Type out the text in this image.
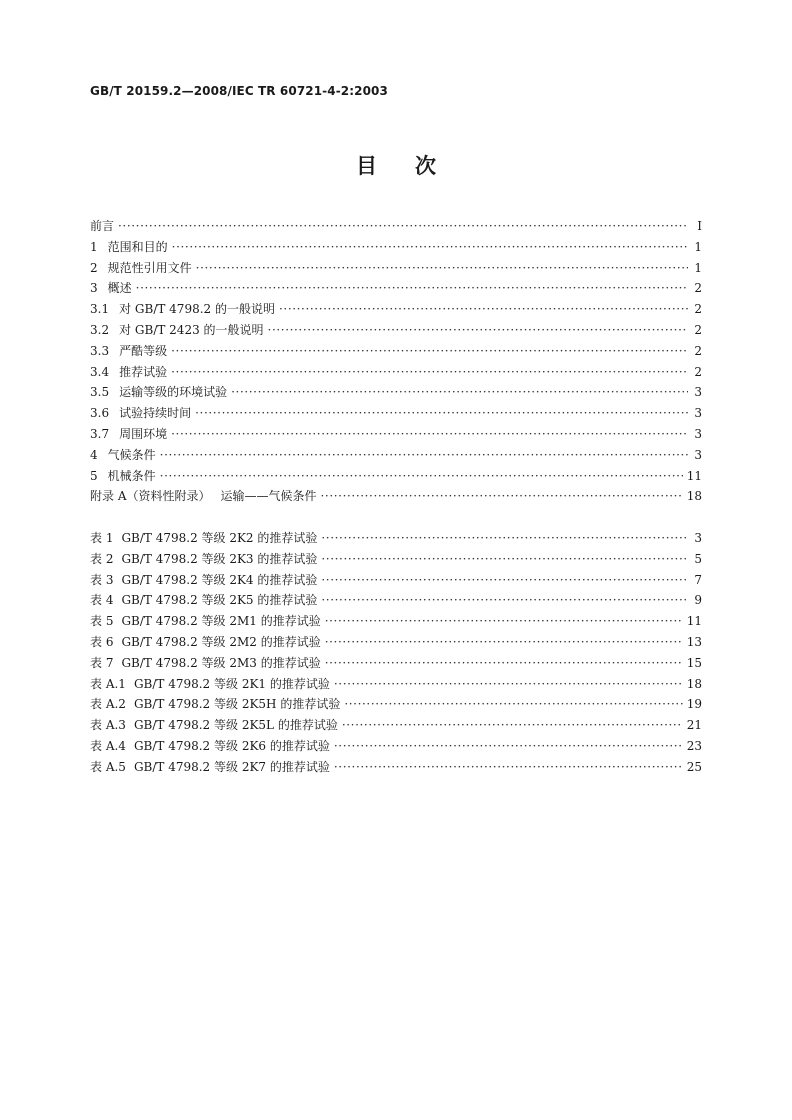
GB/T 20159.2—2008/IEC TR 60721-4-2:2003
目次
前言 ·····	Ⅰ
1 范围和目的 ·····	1
2 规范性引用文件 ·····	1
3 概述 ·····	2
3.1 对 GB/T 4798.2 的一般说明 ·····	2
3.2 对 GB/T 2423 的一般说明 ·····	2
3.3 严酷等级 ·····	2
3.4 推荐试验 ·····	2
3.5 运输等级的环境试验 ·····	3
3.6 试验持续时间 ·····	3
3.7 周围环境 ·····	3
4 气候条件 ·····	3
5 机械条件 ·····	11
附录 A（资料性附录） 运输——气候条件 ·····	18
表 1 GB/T 4798.2 等级 2K2 的推荐试验 ·····	3
表 2 GB/T 4798.2 等级 2K3 的推荐试验 ·····	5
表 3 GB/T 4798.2 等级 2K4 的推荐试验 ·····	7
表 4 GB/T 4798.2 等级 2K5 的推荐试验 ·····	9
表 5 GB/T 4798.2 等级 2M1 的推荐试验 ·····	11
表 6 GB/T 4798.2 等级 2M2 的推荐试验 ·····	13
表 7 GB/T 4798.2 等级 2M3 的推荐试验 ·····	15
表 A.1 GB/T 4798.2 等级 2K1 的推荐试验 ·····	18
表 A.2 GB/T 4798.2 等级 2K5H 的推荐试验 ·····	19
表 A.3 GB/T 4798.2 等级 2K5L 的推荐试验 ·····	21
表 A.4 GB/T 4798.2 等级 2K6 的推荐试验 ·····	23
表 A.5 GB/T 4798.2 等级 2K7 的推荐试验 ·····	25
